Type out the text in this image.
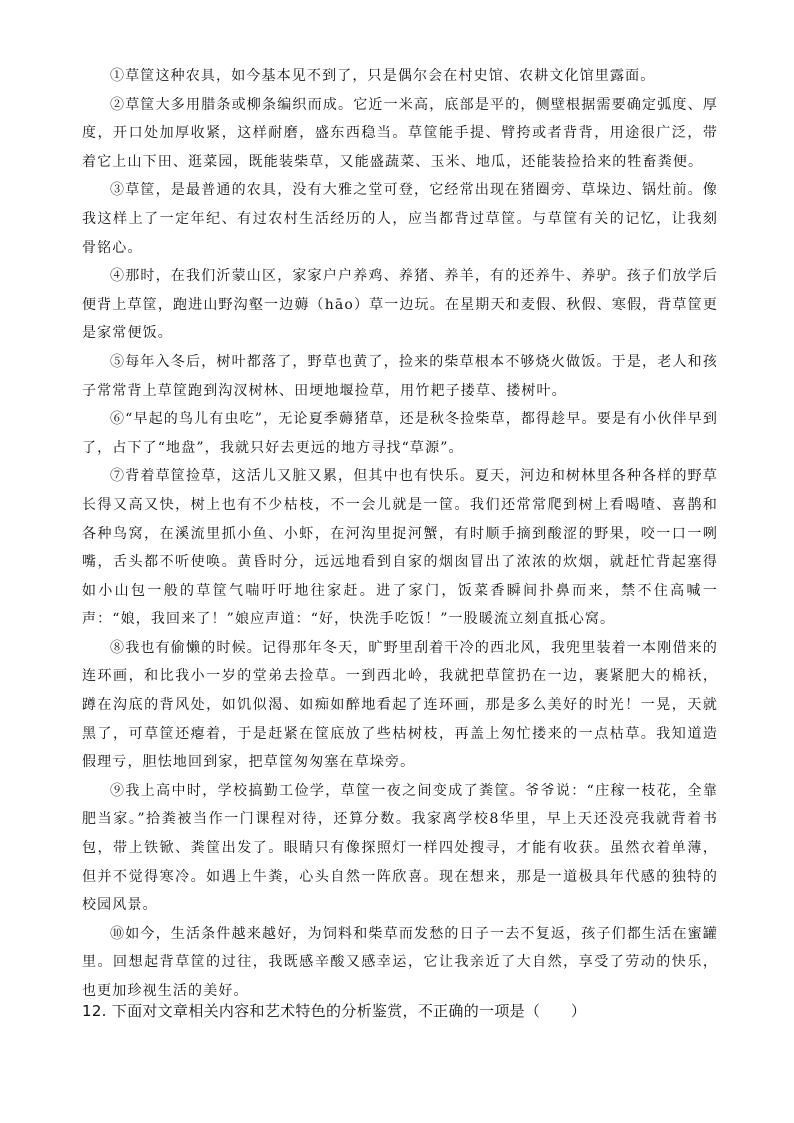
①草筐这种农具，如今基本见不到了，只是偶尔会在村史馆、农耕文化馆里露面。

②草筐大多用腊条或柳条编织而成。它近一米高，底部是平的，侧壁根据需要确定弧度、厚度，开口处加厚收紧，这样耐磨，盛东西稳当。草筐能手提、臂挎或者背背，用途很广泛，带着它上山下田、逛菜园，既能装柴草，又能盛蔬菜、玉米、地瓜，还能装捡拾来的牲畜粪便。

③草筐，是最普通的农具，没有大雅之堂可登，它经常出现在猪圈旁、草垛边、锅灶前。像我这样上了一定年纪、有过农村生活经历的人，应当都背过草筐。与草筐有关的记忆，让我刻骨铭心。

④那时，在我们沂蒙山区，家家户户养鸡、养猪、养羊，有的还养牛、养驴。孩子们放学后便背上草筐，跑进山野沟壑一边薅（hāo）草一边玩。在星期天和麦假、秋假、寒假，背草筐更是家常便饭。

⑤每年入冬后，树叶都落了，野草也黄了，捡来的柴草根本不够烧火做饭。于是，老人和孩子常常背上草筐跑到沟汊树林、田埂地堰捡草，用竹耙子搂草、搂树叶。

⑥“早起的鸟儿有虫吃”，无论夏季薅猪草，还是秋冬捡柴草，都得趁早。要是有小伙伴早到了，占下了“地盘”，我就只好去更远的地方寻找“草源”。

⑦背着草筐捡草，这活儿又脏又累，但其中也有快乐。夏天，河边和树林里各种各样的野草长得又高又快，树上也有不少枯枝，不一会儿就是一筐。我们还常常爬到树上看喝喳、喜鹊和各种鸟窝，在溪流里抓小鱼、小虾，在河沟里捉河蟹，有时顺手摘到酸涩的野果，咬一口一咧嘴，舌头都不听使唤。黄昏时分，远远地看到自家的烟囱冒出了浓浓的炊烟，就赶忙背起塞得如小山包一般的草筐气喘吁吁地往家赶。进了家门，饭菜香瞬间扑鼻而来，禁不住高喊一声：“娘，我回来了！”娘应声道：“好，快洗手吃饭！”一股暖流立刻直抵心窝。

⑧我也有偷懒的时候。记得那年冬天，旷野里刮着干冷的西北风，我兜里装着一本刚借来的连环画，和比我小一岁的堂弟去捡草。一到西北岭，我就把草筐扔在一边，裹紧肥大的棉袄，蹲在沟底的背风处，如饥似渴、如痴如醉地看起了连环画，那是多么美好的时光！一晃，天就黑了，可草筐还瘪着，于是赶紧在筐底放了些枯树枝，再盖上匆忙搂来的一点枯草。我知道造假理亏，胆怯地回到家，把草筐匆匆塞在草垛旁。

⑨我上高中时，学校搞勤工俭学，草筐一夜之间变成了粪筐。爷爷说：“庄稼一枝花，全靠肥当家。”拾粪被当作一门课程对待，还算分数。我家离学校8华里，早上天还没亮我就背着书包，带上铁锨、粪筐出发了。眼睛只有像探照灯一样四处搜寻，才能有收获。虽然衣着单薄，但并不觉得寒冷。如遇上牛粪，心头自然一阵欣喜。现在想来，那是一道极具年代感的独特的校园风景。

⑩如今，生活条件越来越好，为饲料和柴草而发愁的日子一去不复返，孩子们都生活在蜜罐里。回想起背草筐的过往，我既感辛酸又感幸运，它让我亲近了大自然，享受了劳动的快乐，也更加珍视生活的美好。

12. 下面对文章相关内容和艺术特色的分析鉴赏，不正确的一项是（　　）
